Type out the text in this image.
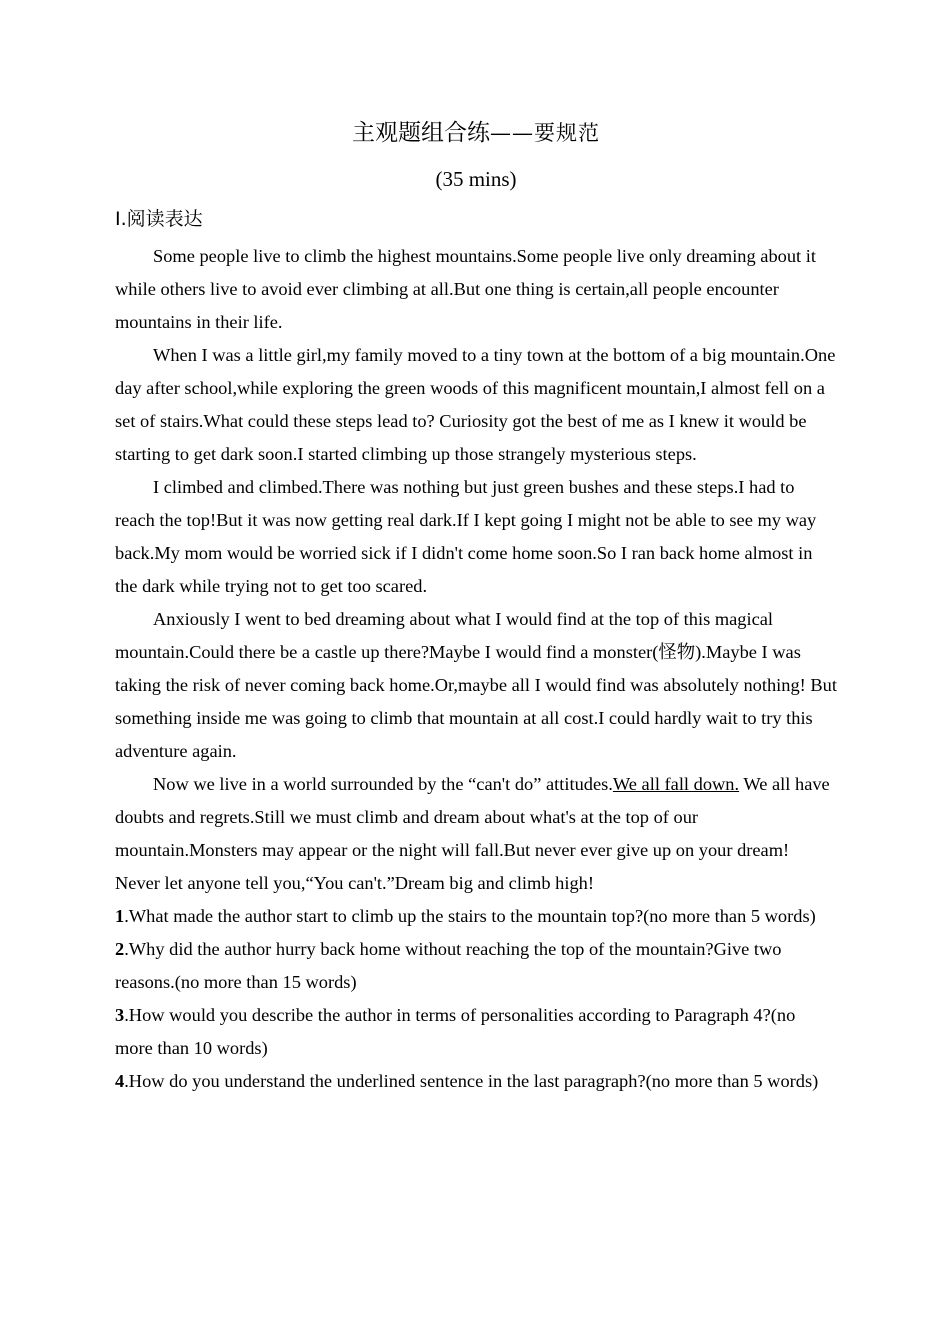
主观题组合练——要规范
(35 mins)
Ⅰ.阅读表达

Some people live to climb the highest mountains.Some people live only dreaming about it while others live to avoid ever climbing at all.But one thing is certain,all people encounter mountains in their life.

When I was a little girl,my family moved to a tiny town at the bottom of a big mountain.One day after school,while exploring the green woods of this magnificent mountain,I almost fell on a set of stairs.What could these steps lead to? Curiosity got the best of me as I knew it would be starting to get dark soon.I started climbing up those strangely mysterious steps.

I climbed and climbed.There was nothing but just green bushes and these steps.I had to reach the top!But it was now getting real dark.If I kept going I might not be able to see my way back.My mom would be worried sick if I didn't come home soon.So I ran back home almost in the dark while trying not to get too scared.

Anxiously I went to bed dreaming about what I would find at the top of this magical mountain.Could there be a castle up there?Maybe I would find a monster(怪物).Maybe I was taking the risk of never coming back home.Or,maybe all I would find was absolutely nothing! But something inside me was going to climb that mountain at all cost.I could hardly wait to try this adventure again.

Now we live in a world surrounded by the “can't do” attitudes.We all fall down. We all have doubts and regrets.Still we must climb and dream about what's at the top of our mountain.Monsters may appear or the night will fall.But never ever give up on your dream! Never let anyone tell you,“You can't.”Dream big and climb high!

1.What made the author start to climb up the stairs to the mountain top?(no more than 5 words)

2.Why did the author hurry back home without reaching the top of the mountain?Give two reasons.(no more than 15 words)

3.How would you describe the author in terms of personalities according to Paragraph 4?(no more than 10 words)

4.How do you understand the underlined sentence in the last paragraph?(no more than 5 words)
